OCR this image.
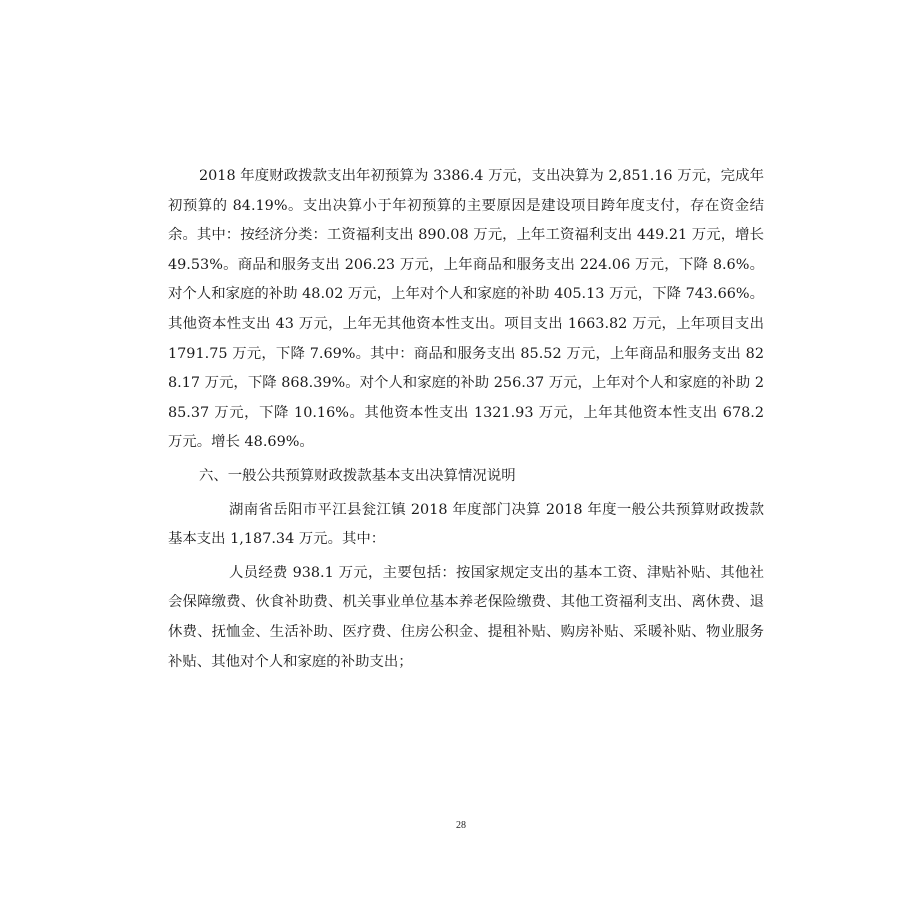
2018 年度财政拨款支出年初预算为 3386.4 万元，支出决算为 2,851.16 万元，完成年初预算的 84.19%。支出决算小于年初预算的主要原因是建设项目跨年度支付，存在资金结余。其中：按经济分类：工资福利支出 890.08 万元，上年工资福利支出 449.21 万元，增长 49.53%。商品和服务支出 206.23 万元，上年商品和服务支出 224.06 万元，下降 8.6%。对个人和家庭的补助 48.02 万元，上年对个人和家庭的补助 405.13 万元，下降 743.66%。其他资本性支出 43 万元，上年无其他资本性支出。项目支出 1663.82 万元，上年项目支出 1791.75 万元，下降 7.69%。其中：商品和服务支出 85.52 万元，上年商品和服务支出 828.17 万元，下降 868.39%。对个人和家庭的补助 256.37 万元，上年对个人和家庭的补助 285.37 万元，下降 10.16%。其他资本性支出 1321.93 万元，上年其他资本性支出 678.2 万元。增长 48.69%。

六、一般公共预算财政拨款基本支出决算情况说明

湖南省岳阳市平江县瓮江镇 2018 年度部门决算 2018 年度一般公共预算财政拨款基本支出 1,187.34 万元。其中：

人员经费 938.1 万元，主要包括：按国家规定支出的基本工资、津贴补贴、其他社会保障缴费、伙食补助费、机关事业单位基本养老保险缴费、其他工资福利支出、离休费、退休费、抚恤金、生活补助、医疗费、住房公积金、提租补贴、购房补贴、采暖补贴、物业服务补贴、其他对个人和家庭的补助支出；

28
